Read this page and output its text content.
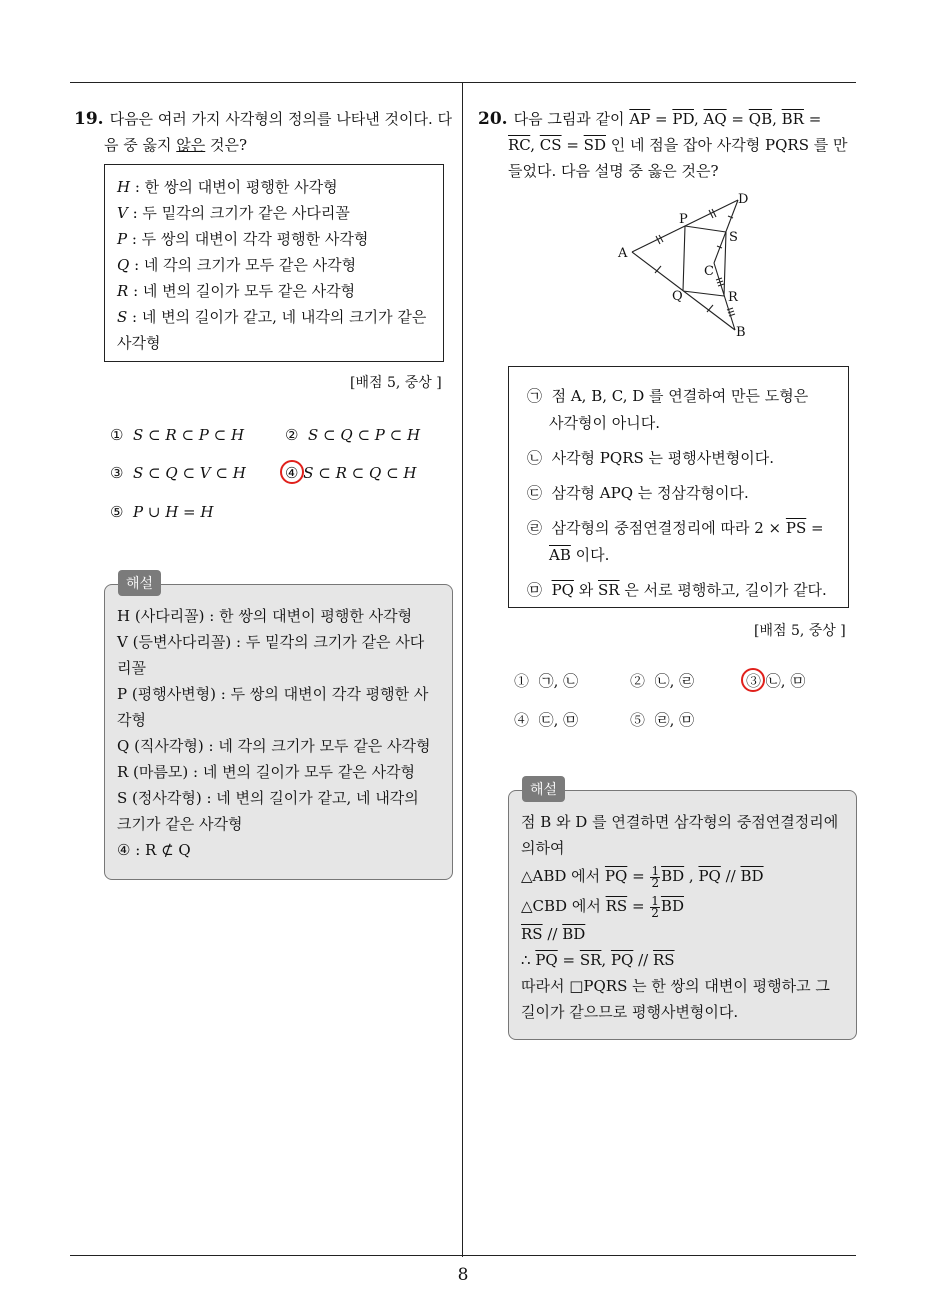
8
19. 다음은 여러 가지 사각형의 정의를 나타낸 것이다. 다
음 중 옳지 않은 것은?
H : 한 쌍의 대변이 평행한 사각형
V : 두 밑각의 크기가 같은 사다리꼴
P : 두 쌍의 대변이 각각 평행한 사각형
Q : 네 각의 크기가 모두 같은 사각형
R : 네 변의 길이가 모두 같은 사각형
S : 네 변의 길이가 같고, 네 내각의 크기가 같은
사각형
[배점 5, 중상 ]
① S ⊂ R ⊂ P ⊂ H	② S ⊂ Q ⊂ P ⊂ H
③ S ⊂ Q ⊂ V ⊂ H	④ S ⊂ R ⊂ Q ⊂ H
⑤ P ∪ H = H
H (사다리꼴) : 한 쌍의 대변이 평행한 사각형
V (등변사다리꼴) : 두 밑각의 크기가 같은 사다
리꼴
P (평행사변형) : 두 쌍의 대변이 각각 평행한 사
각형
Q (직사각형) : 네 각의 크기가 모두 같은 사각형
R (마름모) : 네 변의 길이가 모두 같은 사각형
S (정사각형) : 네 변의 길이가 같고, 네 내각의
크기가 같은 사각형
④ : R ⊄ Q
해설
20. 다음 그림과 같이 $\overline{AP} = \overline{PD}$, $\overline{AQ} = \overline{QB}$, $\overline{BR}$ =
$\overline{RC}$, $\overline{CS} = \overline{SD}$ 인 네 점을 잡아 사각형 PQRS 를 만
들었다. 다음 설명 중 옳은 것은?
A
B
C
D
P
Q	R
S
㉠ 점 A, B, C, D 를 연결하여 만든 도형은
사각형이 아니다.
㉡ 사각형 PQRS 는 평행사변형이다.
㉢ 삼각형 APQ 는 정삼각형이다.
㉣ 삼각형의 중점연결정리에 따라 $2 \times \overline{PS}$ =
$\overline{AB}$ 이다.
㉤ $\overline{PQ}$ 와 $\overline{SR}$ 은 서로 평행하고, 길이가 같다.
[배점 5, 중상 ]
① ㉠, ㉡	② ㉡, ㉣	③ ㉡, ㉤
④ ㉢, ㉤	⑤ ㉣, ㉤
점 B 와 D 를 연결하면 삼각형의 중점연결정리에
의하여
△ABD 에서 $\overline{PQ} = \frac{1}{2} \overline{BD}$ , $\overline{PQ} // \overline{BD}$
△CBD 에서 $\overline{RS} = \frac{1}{2} \overline{BD}$
$\overline{RS} // \overline{BD}$
∴ $\overline{PQ} = \overline{SR}$, $\overline{PQ} // \overline{RS}$
따라서 □PQRS 는 한 쌍의 대변이 평행하고 그
길이가 같으므로 평행사변형이다.
해설
